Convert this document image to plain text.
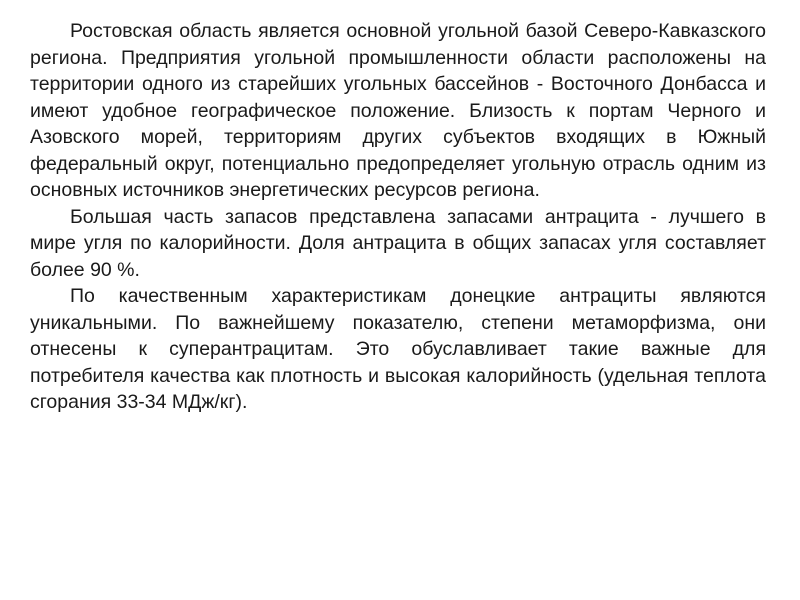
Ростовская область является основной угольной базой Северо-Кавказского региона. Предприятия угольной промышленности области расположены на территории одного из старейших угольных бассейнов - Восточного Донбасса и имеют удобное географическое положение. Близость к портам Черного и Азовского морей, территориям других субъектов входящих в Южный федеральный округ, потенциально предопределяет угольную отрасль одним из основных источников энергетических ресурсов региона.

Большая часть запасов представлена запасами антрацита - лучшего в мире угля по калорийности. Доля антрацита в общих запасах угля составляет более 90 %.

По качественным характеристикам донецкие антрациты являются уникальными. По важнейшему показателю, степени метаморфизма, они отнесены к суперантрацитам. Это обуславливает такие важные для потребителя качества как плотность и высокая калорийность (удельная теплота сгорания 33-34 МДж/кг).
